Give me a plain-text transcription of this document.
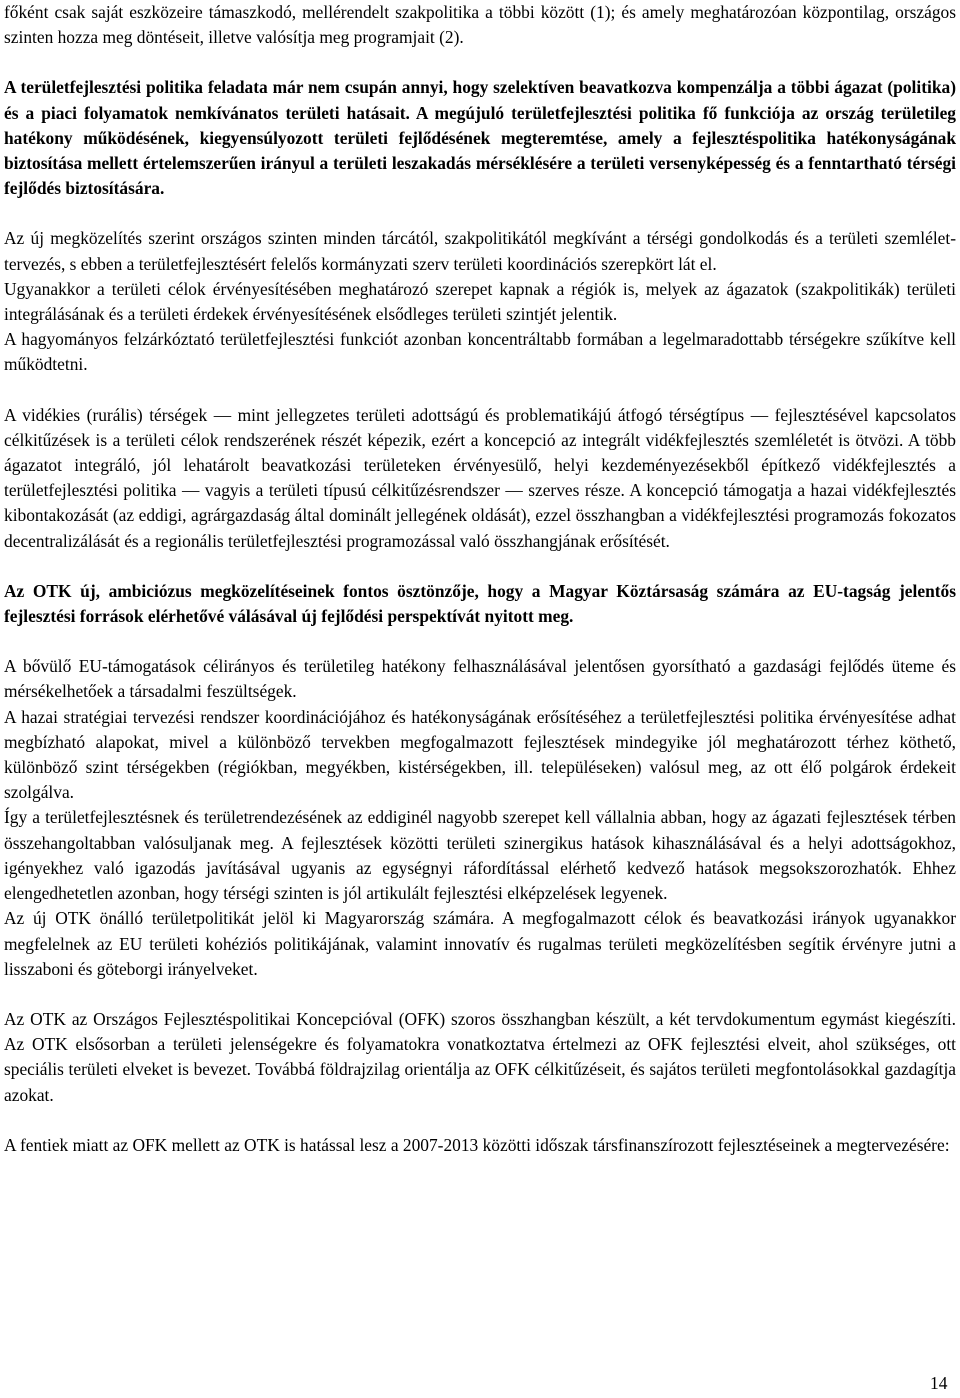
főként csak saját eszközeire támaszkodó, mellérendelt szakpolitika a többi között (1); és amely meghatározóan központilag, országos szinten hozza meg döntéseit, illetve valósítja meg programjait (2).

A területfejlesztési politika feladata már nem csupán annyi, hogy szelektíven beavatkozva kompenzálja a többi ágazat (politika) és a piaci folyamatok nemkívánatos területi hatásait. A megújuló területfejlesztési politika fő funkciója az ország területileg hatékony működésének, kiegyensúlyozott területi fejlődésének megteremtése, amely a fejlesztéspolitika hatékonyságának biztosítása mellett értelemszerűen irányul a területi leszakadás mérséklésére a területi versenyképesség és a fenntartható térségi fejlődés biztosítására.

Az új megközelítés szerint országos szinten minden tárcától, szakpolitikától megkívánt a térségi gondolkodás és a területi szemlélet-tervezés, s ebben a területfejlesztésért felelős kormányzati szerv területi koordinációs szerepkört lát el.

Ugyanakkor a területi célok érvényesítésében meghatározó szerepet kapnak a régiók is, melyek az ágazatok (szakpolitikák) területi integrálásának és a területi érdekek érvényesítésének elsődleges területi szintjét jelentik.

A hagyományos felzárkóztató területfejlesztési funkciót azonban koncentráltabb formában a legelmaradottabb térségekre szűkítve kell működtetni.

A vidékies (rurális) térségek — mint jellegzetes területi adottságú és problematikájú átfogó térségtípus — fejlesztésével kapcsolatos célkitűzések is a területi célok rendszerének részét képezik, ezért a koncepció az integrált vidékfejlesztés szemléletét is ötvözi. A több ágazatot integráló, jól lehatárolt beavatkozási területeken érvényesülő, helyi kezdeményezésekből építkező vidékfejlesztés a területfejlesztési politika — vagyis a területi típusú célkitűzésrendszer — szerves része. A koncepció támogatja a hazai vidékfejlesztés kibontakozását (az eddigi, agrárgazdaság által dominált jellegének oldását), ezzel összhangban a vidékfejlesztési programozás fokozatos decentralizálását és a regionális területfejlesztési programozással való összhangjának erősítését.

Az OTK új, ambiciózus megközelítéseinek fontos ösztönzője, hogy a Magyar Köztársaság számára az EU-tagság jelentős fejlesztési források elérhetővé válásával új fejlődési perspektívát nyitott meg.

A bővülő EU-támogatások célirányos és területileg hatékony felhasználásával jelentősen gyorsítható a gazdasági fejlődés üteme és mérsékelhetőek a társadalmi feszültségek.

A hazai stratégiai tervezési rendszer koordinációjához és hatékonyságának erősítéséhez a területfejlesztési politika érvényesítése adhat megbízható alapokat, mivel a különböző tervekben megfogalmazott fejlesztések mindegyike jól meghatározott térhez köthető, különböző szint térségekben (régiókban, megyékben, kistérségekben, ill. településeken) valósul meg, az ott élő polgárok érdekeit szolgálva.

Így a területfejlesztésnek és területrendezésének az eddiginél nagyobb szerepet kell vállalnia abban, hogy az ágazati fejlesztések térben összehangoltabban valósuljanak meg. A fejlesztések közötti területi szinergikus hatások kihasználásával és a helyi adottságokhoz, igényekhez való igazodás javításával ugyanis az egységnyi ráfordítással elérhető kedvező hatások megsokszorozhatók. Ehhez elengedhetetlen azonban, hogy térségi szinten is jól artikulált fejlesztési elképzelések legyenek.

Az új OTK önálló területpolitikát jelöl ki Magyarország számára. A megfogalmazott célok és beavatkozási irányok ugyanakkor megfelelnek az EU területi kohéziós politikájának, valamint innovatív és rugalmas területi megközelítésben segítik érvényre jutni a lisszaboni és göteborgi irányelveket.

Az OTK az Országos Fejlesztéspolitikai Koncepcióval (OFK) szoros összhangban készült, a két tervdokumentum egymást kiegészíti. Az OTK elsősorban a területi jelenségekre és folyamatokra vonatkoztatva értelmezi az OFK fejlesztési elveit, ahol szükséges, ott speciális területi elveket is bevezet. Továbbá földrajzilag orientálja az OFK célkitűzéseit, és sajátos területi megfontolásokkal gazdagítja azokat.

A fentiek miatt az OFK mellett az OTK is hatással lesz a 2007-2013 közötti időszak társfinanszírozott fejlesztéseinek a megtervezésére:

14
